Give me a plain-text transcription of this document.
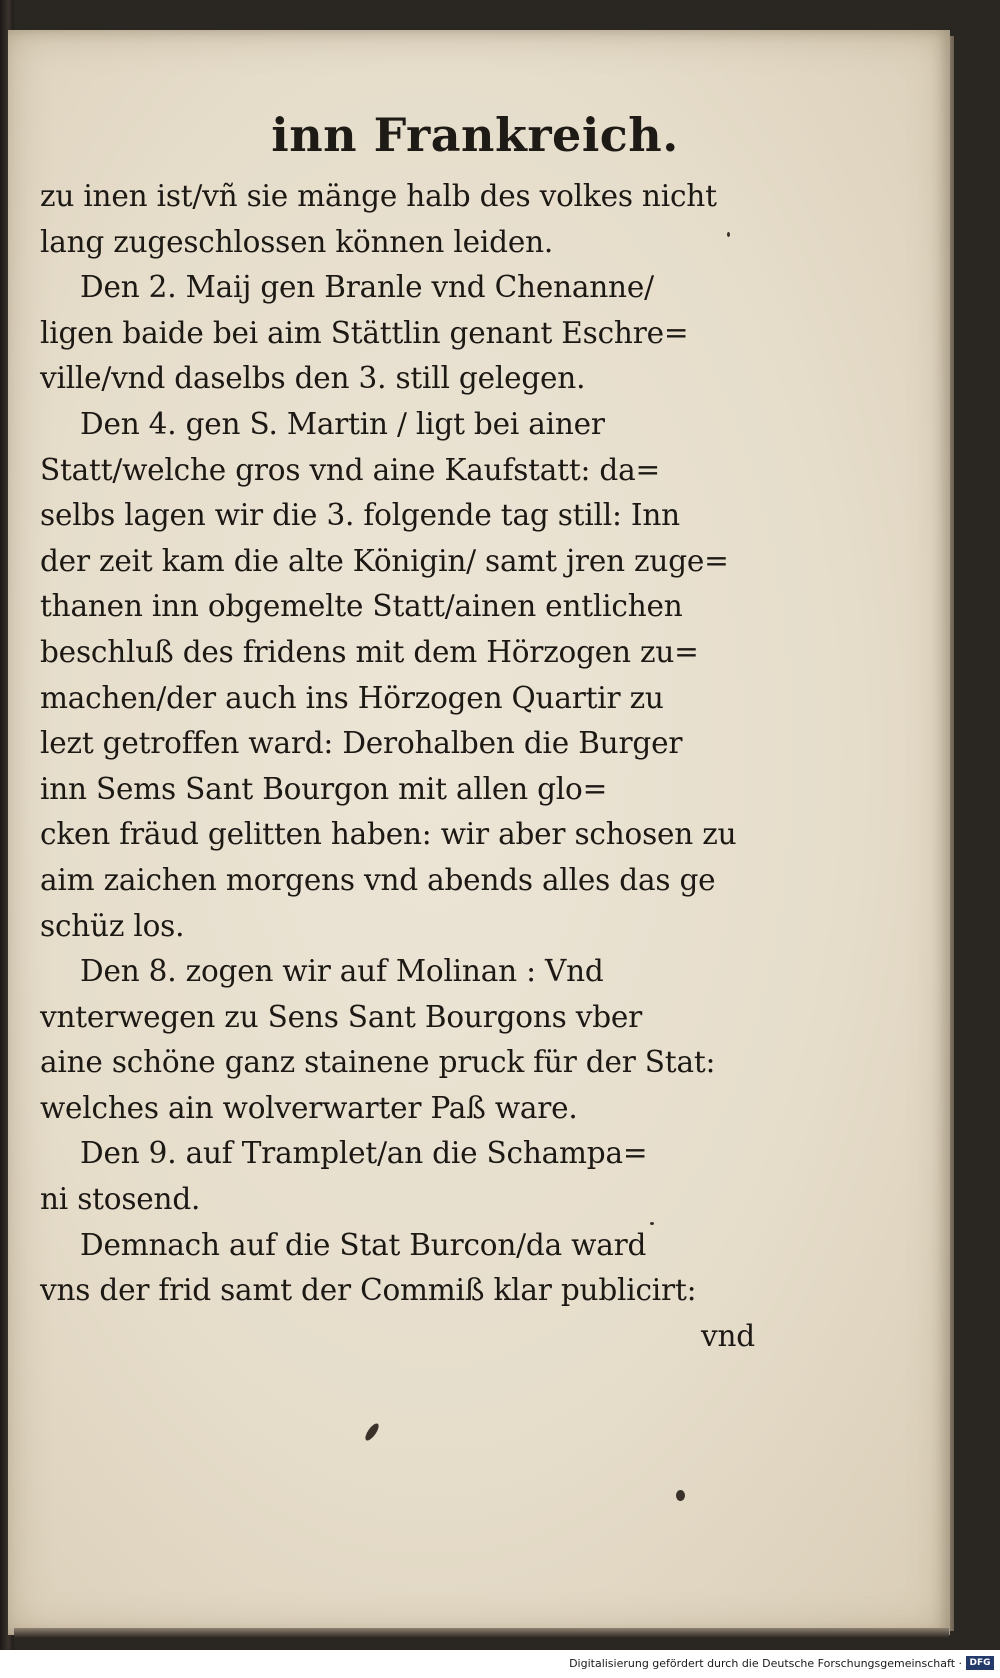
inn Frankreich.
zu inen ist/vñ sie mänge halb des volkes nicht
lang zugeschlossen können leiden.
Den 2. Maij gen Branle vnd Chenanne/
ligen baide bei aim Stättlin genant Eschre=
ville/vnd daselbs den 3. still gelegen.
Den 4. gen S. Martin / ligt bei ainer
Statt/welche gros vnd aine Kaufstatt: da=
selbs lagen wir die 3. folgende tag still: Inn
der zeit kam die alte Königin/ samt jren zuge=
thanen inn obgemelte Statt/ainen entlichen
beschluß des fridens mit dem Hörzogen zu=
machen/der auch ins Hörzogen Quartir zu
lezt getroffen ward: Derohalben die Burger
inn Sems Sant Bourgon mit allen glo=
cken fräud gelitten haben: wir aber schosen zu
aim zaichen morgens vnd abends alles das ge
schüz los.
Den 8. zogen wir auf Molinan : Vnd
vnterwegen zu Sens Sant Bourgons vber
aine schöne ganz stainene pruck für der Stat:
welches ain wolverwarter Paß ware.
Den 9. auf Tramplet/an die Schampa=
ni stosend.
Demnach auf die Stat Burcon/da ward
vns der frid samt der Commiß klar publicirt:
vnd
Digitalisierung gefördert durch die Deutsche Forschungsgemeinschaft · DFG
